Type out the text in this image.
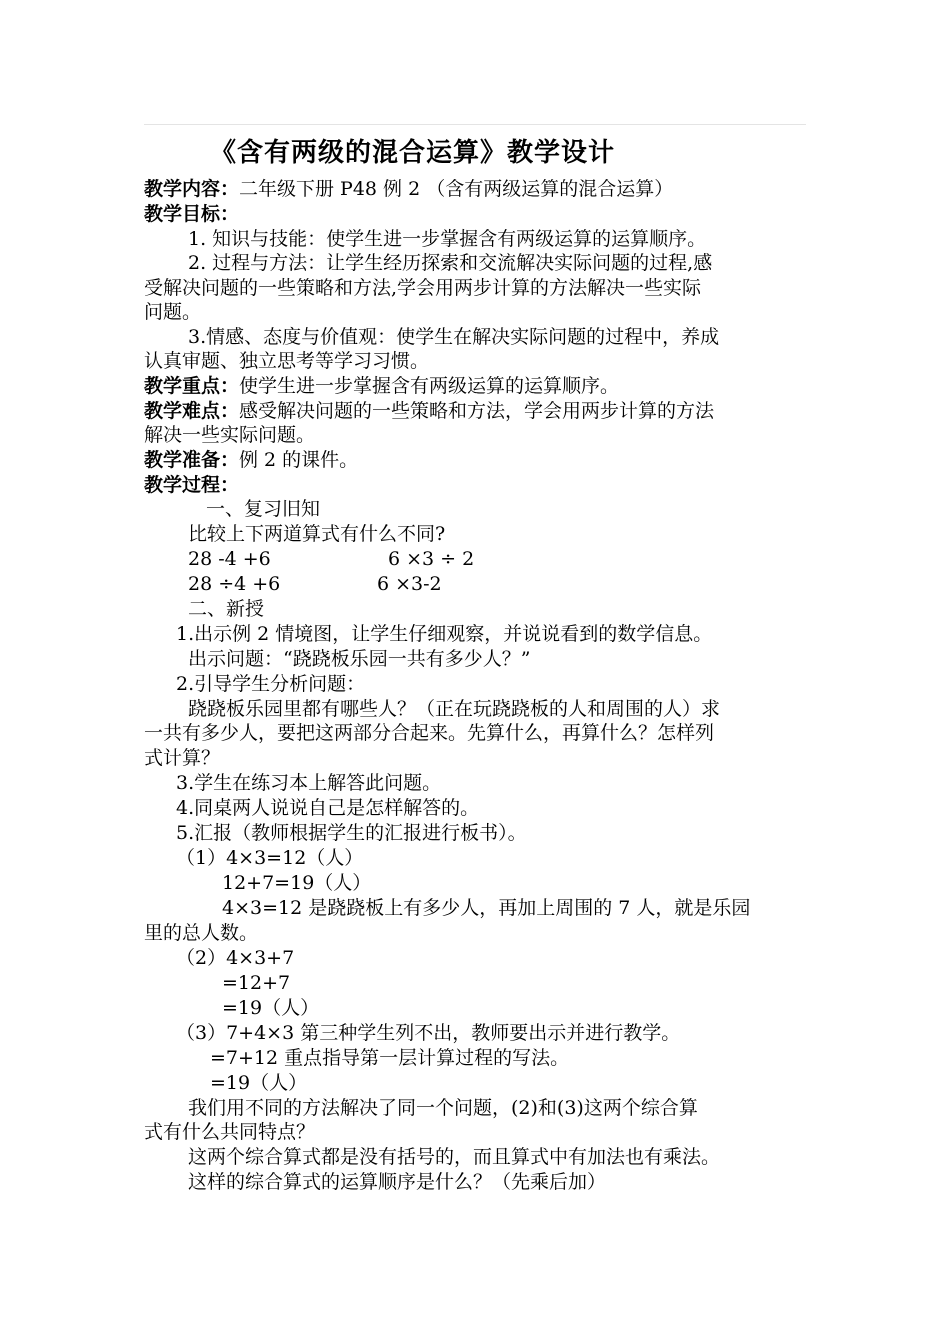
《含有两级的混合运算》教学设计
教学内容：二年级下册 P48 例 2 （含有两级运算的混合运算）
教学目标：
1. 知识与技能：使学生进一步掌握含有两级运算的运算顺序。
2. 过程与方法：让学生经历探索和交流解决实际问题的过程,感
受解决问题的一些策略和方法,学会用两步计算的方法解决一些实际
问题。
3.情感、态度与价值观：使学生在解决实际问题的过程中，养成
认真审题、独立思考等学习习惯。
教学重点：使学生进一步掌握含有两级运算的运算顺序。
教学难点：感受解决问题的一些策略和方法，学会用两步计算的方法
解决一些实际问题。
教学准备：例 2 的课件。
教学过程：
一、复习旧知
比较上下两道算式有什么不同?
28 -4 +6	6 ×3 ÷ 2
28 ÷4 +6	6 ×3-2
二、新授
1.出示例 2 情境图，让学生仔细观察，并说说看到的数学信息。
出示问题：“跷跷板乐园一共有多少人？”
2.引导学生分析问题：
跷跷板乐园里都有哪些人？（正在玩跷跷板的人和周围的人）求
一共有多少人，要把这两部分合起来。先算什么，再算什么？怎样列
式计算？
3.学生在练习本上解答此问题。
4.同桌两人说说自己是怎样解答的。
5.汇报（教师根据学生的汇报进行板书）。
（1）4×3=12（人）
12+7=19（人）
4×3=12 是跷跷板上有多少人，再加上周围的 7 人，就是乐园
里的总人数。
（2）4×3+7
=12+7
=19（人）
（3）7+4×3 第三种学生列不出，教师要出示并进行教学。
=7+12 重点指导第一层计算过程的写法。
=19（人）
我们用不同的方法解决了同一个问题，(2)和(3)这两个综合算
式有什么共同特点？
这两个综合算式都是没有括号的，而且算式中有加法也有乘法。
这样的综合算式的运算顺序是什么？（先乘后加）
